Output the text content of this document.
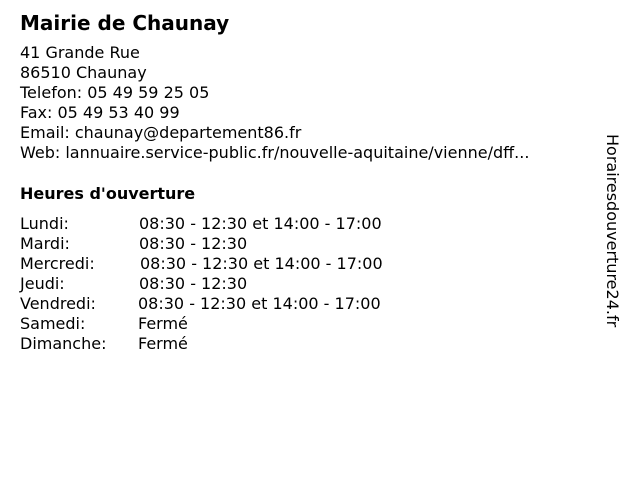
Mairie de Chaunay
41 Grande Rue
86510 Chaunay
Telefon: 05 49 59 25 05
Fax: 05 49 53 40 99
Email: chaunay@departement86.fr
Web: lannuaire.service-public.fr/nouvelle-aquitaine/vienne/dff...
Heures d'ouverture
Lundi:	08:30 - 12:30 et 14:00 - 17:00
Mardi:	08:30 - 12:30
Mercredi:	08:30 - 12:30 et 14:00 - 17:00
Jeudi:	08:30 - 12:30
Vendredi:	08:30 - 12:30 et 14:00 - 17:00
Samedi:	Fermé
Dimanche: Fermé
Horairesdouverture24.fr
